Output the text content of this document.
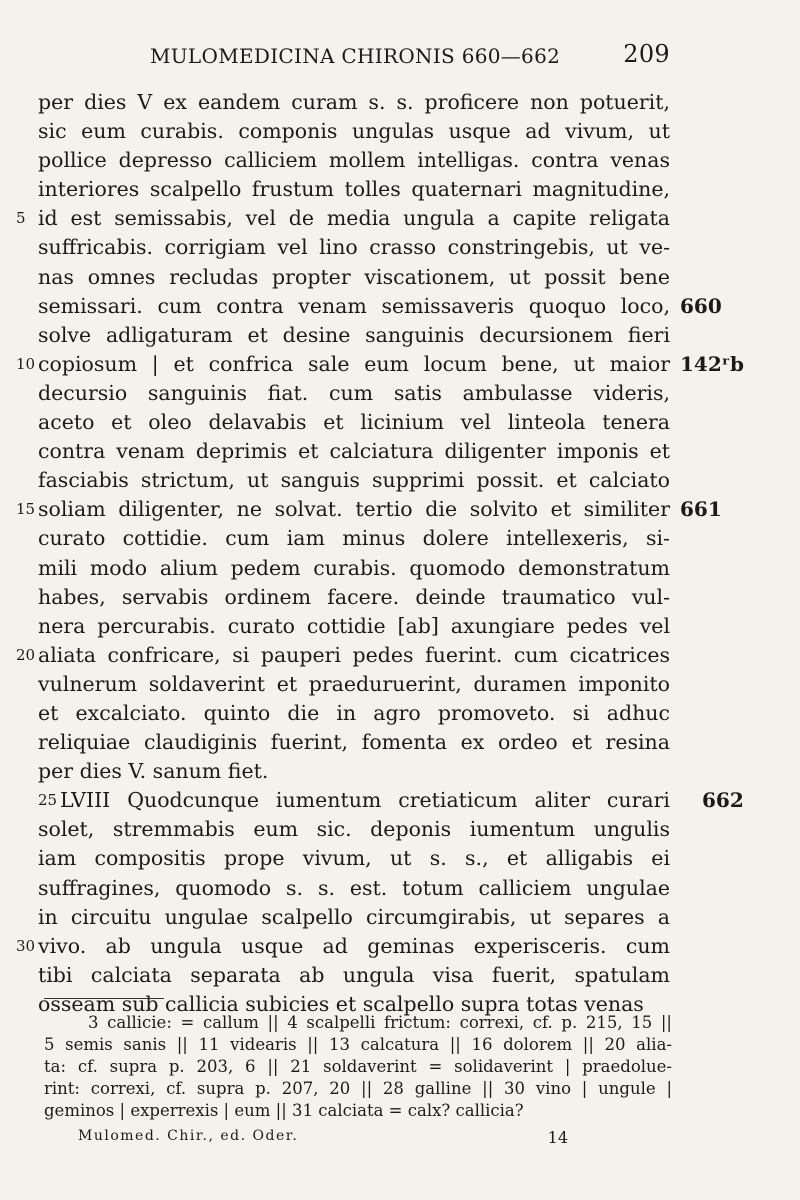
MULOMEDICINA CHIRONIS 660—662	209
per dies V ex eandem curam s. s. proficere non potuerit,
sic eum curabis. componis ungulas usque ad vivum, ut
pollice depresso calliciem mollem intelligas. contra venas
interiores scalpello frustum tolles quaternari magnitudine,
id est semissabis, vel de media ungula a capite religata
5
suffricabis. corrigiam vel lino crasso constringebis, ut ve-
nas omnes recludas propter viscationem, ut possit bene
semissari. cum contra venam semissaveris quoquo loco, 660
solve adligaturam et desine sanguinis decursionem fieri
copiosum | et confrica sale eum locum bene, ut maior
10	142ʳb
decursio sanguinis fiat. cum satis ambulasse videris,
aceto et oleo delavabis et licinium vel linteola tenera
contra venam deprimis et calciatura diligenter imponis et
fasciabis strictum, ut sanguis supprimi possit. et calciato
soliam diligenter, ne solvat. tertio die solvito et similiter
15	661
curato cottidie. cum iam minus dolere intellexeris, si-
mili modo alium pedem curabis. quomodo demonstratum
habes, servabis ordinem facere. deinde traumatico vul-
nera percurabis. curato cottidie [ab] axungiare pedes vel
aliata confricare, si pauperi pedes fuerint. cum cicatrices
20
vulnerum soldaverint et praeduruerint, duramen imponito
et excalciato. quinto die in agro promoveto. si adhuc
reliquiae claudiginis fuerint, fomenta ex ordeo et resina
per dies V. sanum fiet.
LVIII Quodcunque iumentum cretiaticum aliter curari
25	662
solet, stremmabis eum sic. deponis iumentum ungulis
iam compositis prope vivum, ut s. s., et alligabis ei
suffragines, quomodo s. s. est. totum calliciem ungulae
in circuitu ungulae scalpello circumgirabis, ut separes a
vivo. ab ungula usque ad geminas experisceris. cum
30
tibi calciata separata ab ungula visa fuerit, spatulam
osseam sub callicia subicies et scalpello supra totas venas
3 callicie: = callum || 4 scalpelli frictum: correxi, cf. p. 215, 15 ||
5 semis sanis || 11 videaris || 13 calcatura || 16 dolorem || 20 alia-
ta: cf. supra p. 203, 6 || 21 soldaverint = solidaverint | praedolue-
rint: correxi, cf. supra p. 207, 20 || 28 galline || 30 vino | ungule |
geminos | experrexis | eum || 31 calciata = calx? callicia?
Mulomed. Chir., ed. Oder.	14
